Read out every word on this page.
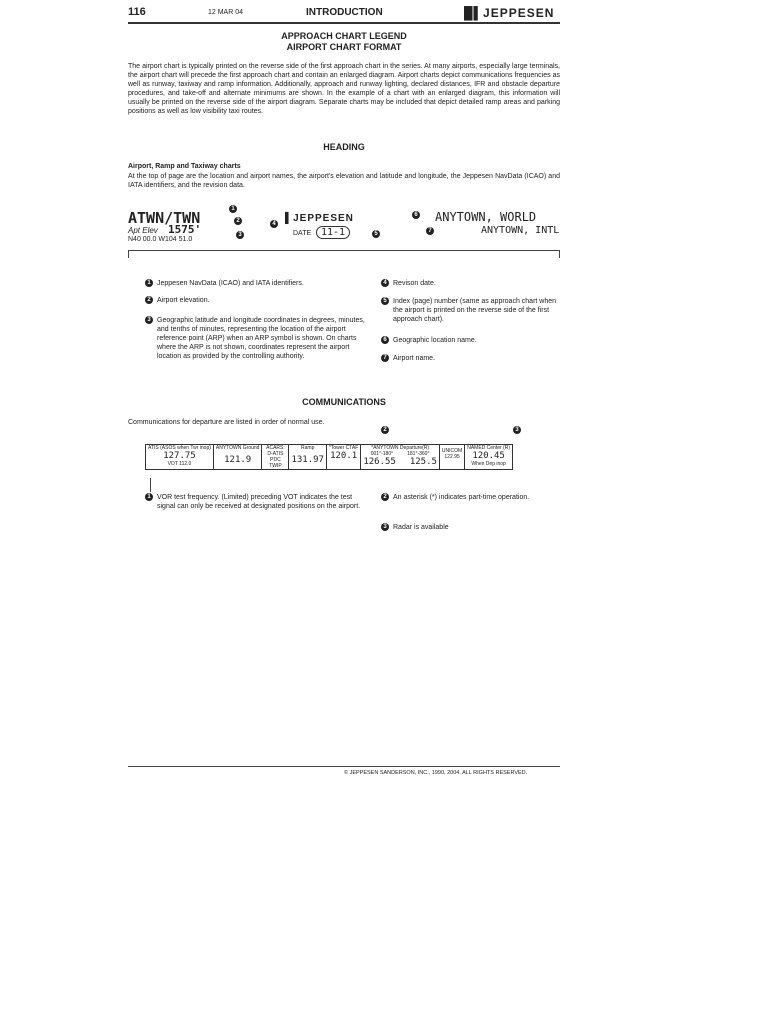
116	12 MAR 04	INTRODUCTION	█▌JEPPESEN
APPROACH CHART LEGEND
AIRPORT CHART FORMAT
The airport chart is typically printed on the reverse side of the first approach chart in the series. At many airports, especially large terminals, the airport chart will precede the first approach chart and contain an enlarged diagram. Airport charts depict communications frequencies as well as runway, taxiway and ramp information. Additionally, approach and runway lighting, declared distances, IFR and obstacle departure procedures, and take-off and alternate minimums are shown. In the example of a chart with an enlarged diagram, this information will usually be printed on the reverse side of the airport diagram. Separate charts may be included that depict detailed ramp areas and parking positions as well as low visibility taxi routes.
HEADING
Airport, Ramp and Taxiway charts
At the top of page are the location and airport names, the airport's elevation and latitude and longitude, the Jeppesen NavData (ICAO) and IATA identifiers, and the revision data.
ATWN/TWN
Apt Elev 1575'
N40 00.0 W104 51.0
1
2
3
4 ▌JEPPESEN
DATE 11-1	5
6 ANYTOWN, WORLD
7	ANYTOWN, INTL
1 Jeppesen NavData (ICAO) and IATA identifiers.
2 Airport elevation.
3 Geographic latitude and longitude coordinates in degrees, minutes, and tenths of minutes, representing the location of the airport reference point (ARP) when an ARP symbol is shown. On charts where the ARP is not shown, coordinates represent the airport location as provided by the controlling authority.
4 Revison date.
5 Index (page) number (same as approach chart when the airport is printed on the reverse side of the first approach chart).
6 Geographic location name.
7 Airport name.
COMMUNICATIONS
Communications for departure are listed in order of normal use.
2	3
ATIS (ASOS when Twr inop)
127.75
VOT 112.0

ANYTOWN Ground
121.9

ACARS: D-ATIS PDC TWIP

Ramp
131.97

*Tower CTAF
120.1

*ANYTOWN Departure(R)
001°-180°	181°-360°
126.55 125.5

UNICOM
122.95

NAMED Center (R)
120.45
When Dep inop
1 VOR test frequency. (Limited) preceding VOT indicates the test signal can only be received at designated positions on the airport.
2 An asterisk (*) indicates part-time operation.
3 Radar is available
© JEPPESEN SANDERSON, INC., 1990, 2004. ALL RIGHTS RESERVED.
